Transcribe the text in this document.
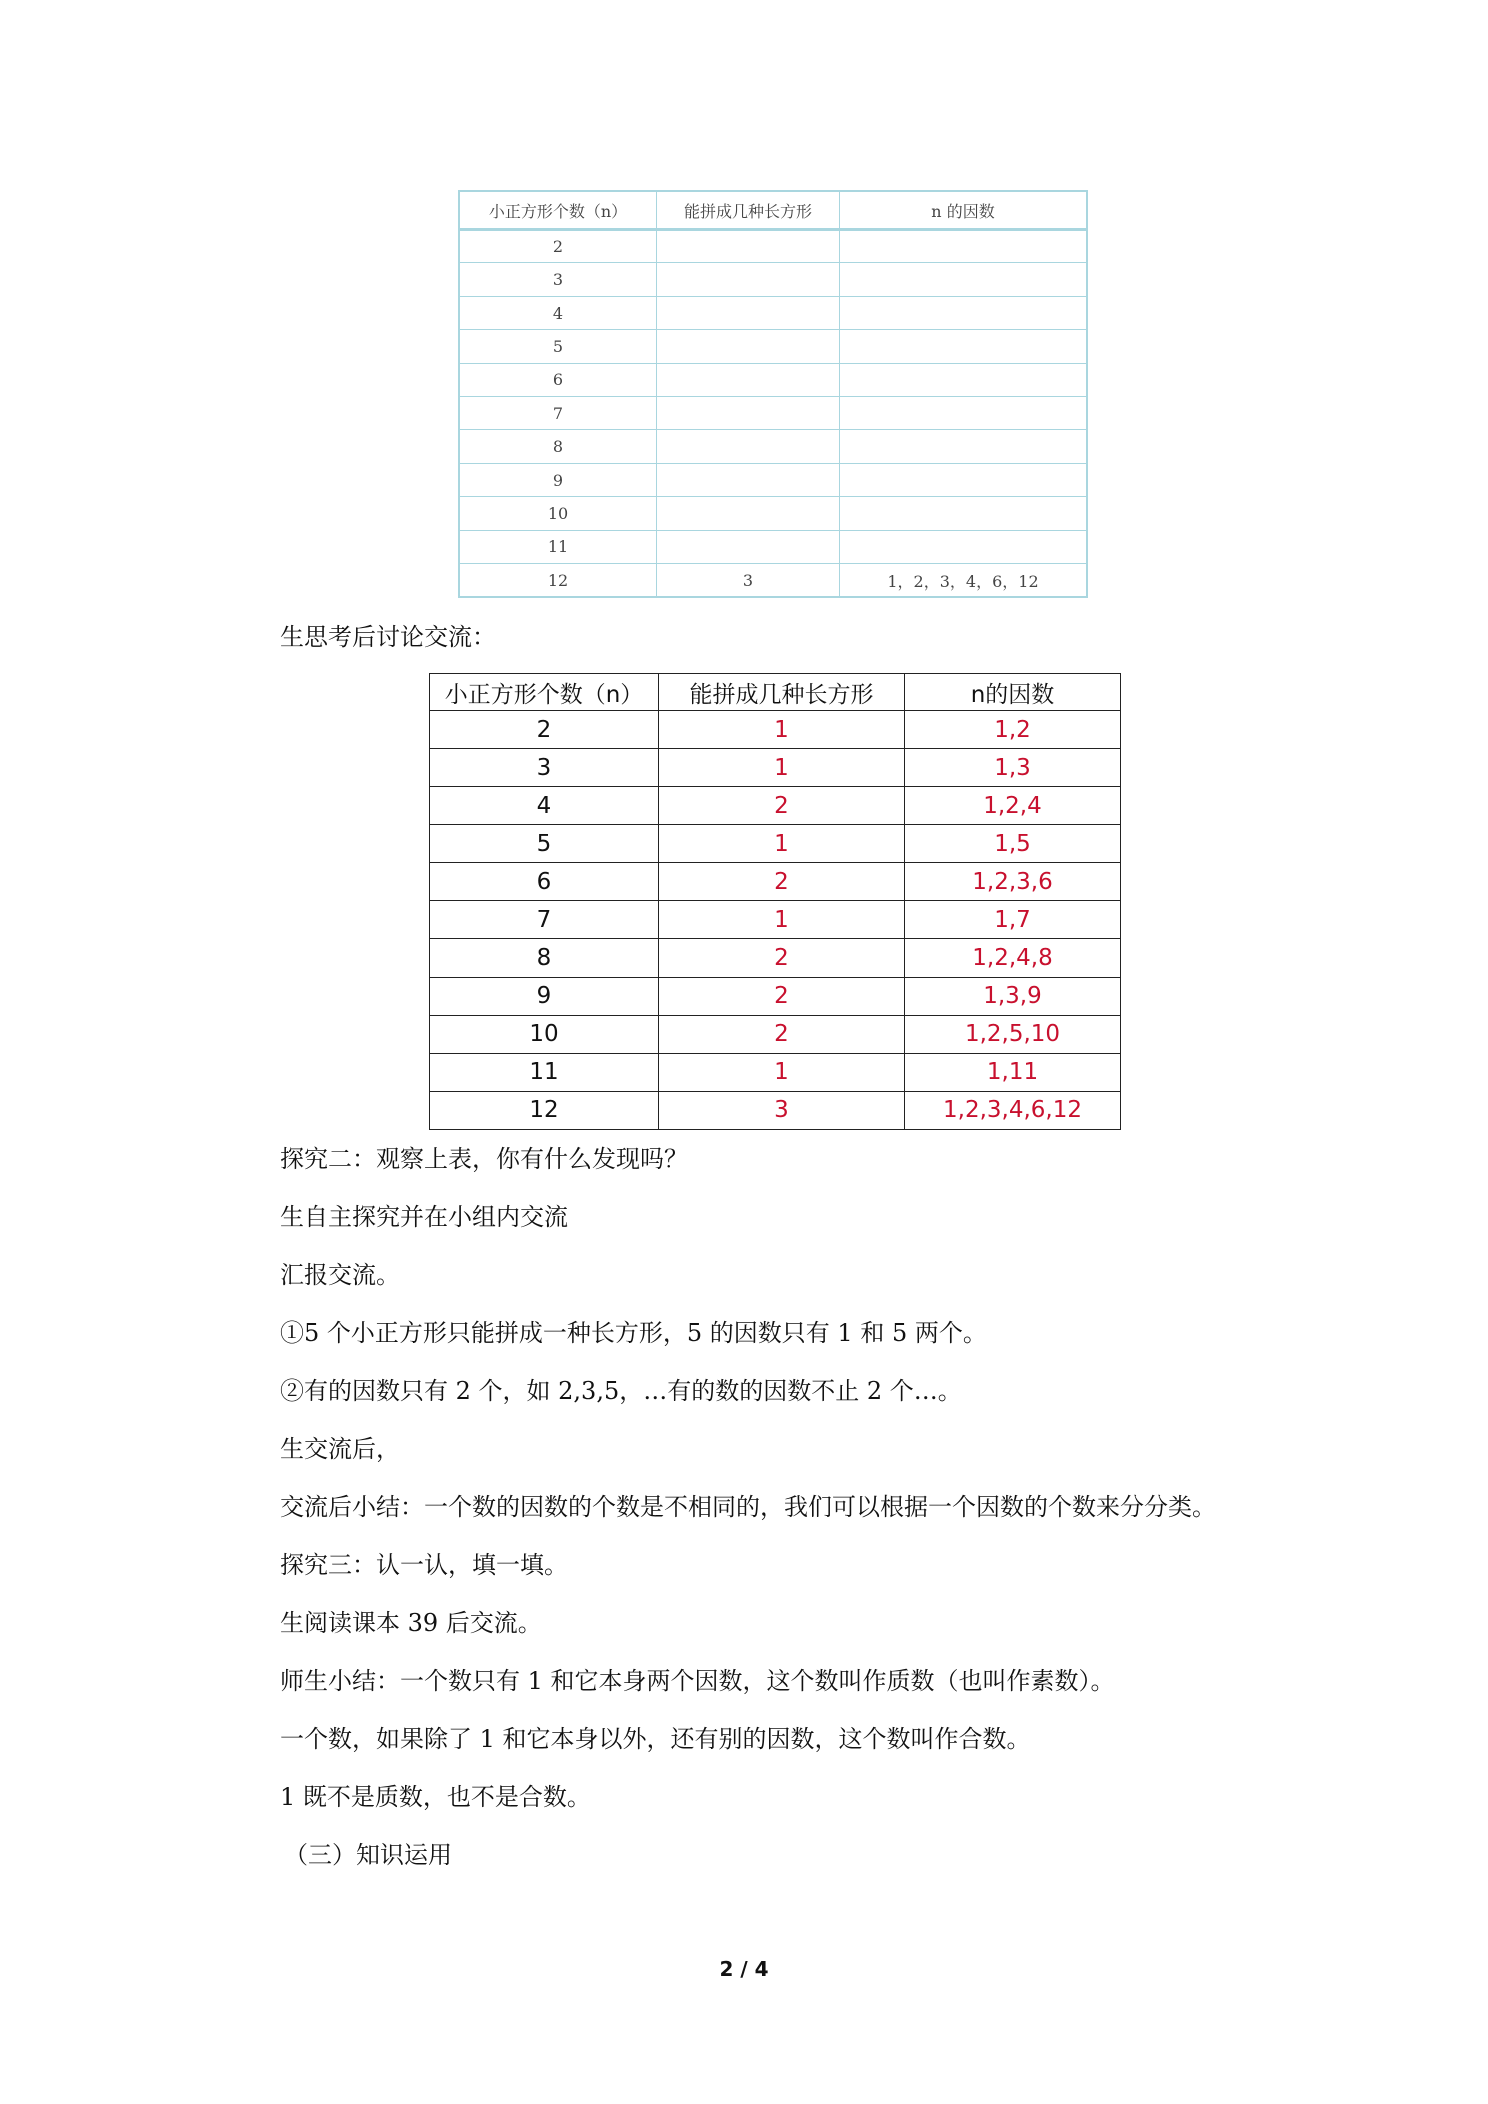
小正方形个数（n）	能拼成几种长方形	n 的因数
2		
3		
4		
5		
6		
7		
8		
9		
10		
11		
12	3	1，2，3，4，6，12
生思考后讨论交流：
小正方形个数（n）	能拼成几种长方形	n的因数
2	1	1,2
3	1	1,3
4	2	1,2,4
5	1	1,5
6	2	1,2,3,6
7	1	1,7
8	2	1,2,4,8
9	2	1,3,9
10	2	1,2,5,10
11	1	1,11
12	3	1,2,3,4,6,12
探究二：观察上表，你有什么发现吗？
生自主探究并在小组内交流
汇报交流。
①5 个小正方形只能拼成一种长方形，5 的因数只有 1 和 5 两个。
②有的因数只有 2 个，如 2,3,5，…有的数的因数不止 2 个…。
生交流后，
交流后小结：一个数的因数的个数是不相同的，我们可以根据一个因数的个数来分分类。
探究三：认一认，填一填。
生阅读课本 39 后交流。
师生小结：一个数只有 1 和它本身两个因数，这个数叫作质数（也叫作素数）。
一个数，如果除了 1 和它本身以外，还有别的因数，这个数叫作合数。
1 既不是质数，也不是合数。
（三）知识运用
2 / 4
